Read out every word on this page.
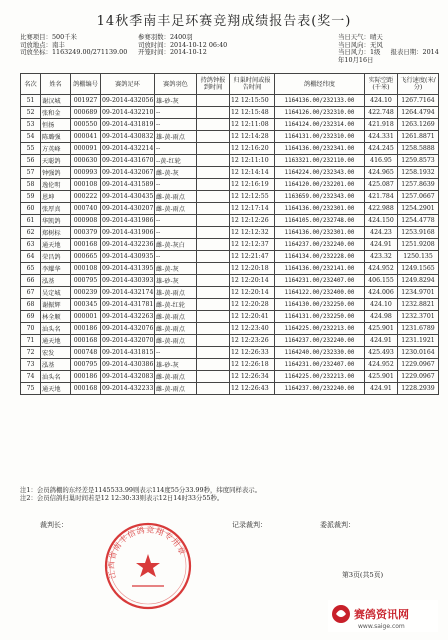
14秋季南丰足环赛竞翔成绩报告表(奖一)
比赛项目：500千米	参赛羽数：2400羽	当日天气：晴天
司放地点：南丰	司放时间：2014-10-12 06:40	当日风向：无风
司放坐标：1163249.00/271139.00	开笼时间：2014-10-12	当日风力：1级 报表日期：2014年10月16日
名次	姓名	鸽棚编号	赛鸽足环	赛鸽羽色	持鸽钟报到时间	归巢时间或报告时间	鸽棚经纬度	实际空距(千米)	飞行速度(米/分)
51	谢汉城	001927	09-2014-432056	雄-砂-灰		12 12:15:50	1164136.00/232133.00	424.10	1267.7164
52	张和金	000689	09-2014-432210	--		12 12:15:48	1164126.00/232310.00	422.748	1264.4794
53	恒扬	000550	09-2014-431819	--		12 12:11:08	1164124.00/232314.00	421.918	1263.1269
54	陈璐强	000041	09-2014-430832	雄-黄-雨点		12 12:14:28	1164131.00/232310.00	424.331	1261.8871
55	方英峰	000091	09-2014-432214	--		12 12:16:20	1164136.00/232341.00	424.245	1258.5888
56	天聪鸽	000630	09-2014-431670	--黄-红轮		12 12:11:10	1163321.00/232110.00	416.95	1259.8573
57	钟强鸽	000993	09-2014-432067	雌-黄-灰		12 12:14:14	1164224.00/232343.00	424.965	1258.1932
58	逸伦明	000108	09-2014-431589	--		12 12:16:19	1164120.00/232201.00	425.087	1257.8639
59	恩坤	000222	09-2014-430435	雌-黄-雨点		12 12:12:55	1163659.00/232343.00	421.784	1257.0667
60	张厚真	000740	09-2014-430207	雌-黄-雨点		12 12:17:14	1164136.00/232301.00	422.988	1254.2901
61	华凯鸽	000908	09-2014-431986	--		12 12:12:26	1164105.00/232748.00	424.150	1254.4778
62	郑树标	000379	09-2014-431906	--		12 12:12:32	1164136.00/232301.00	424.23	1253.9168
63	通天地	000168	09-2014-432236	雌-黄-灰白		12 12:12:37	1164237.00/232240.00	424.91	1251.9208
64	荣昌鸽	000665	09-2014-430935	--		12 12:21:47	1164134.00/232228.00	423.32	1250.135
65	李耀华	000108	09-2014-431395	雌-黄-灰		12 12:20:18	1164136.00/232141.00	424.952	1249.1565
66	泓基	000795	09-2014-430393	雄-砂-灰		12 12:20:14	1164231.00/232407.00	406.155	1249.8294
67	吴定城	000239	09-2014-432174	雄-黄-雨点		12 12:20:14	1164122.00/232400.00	424.006	1234.9701
68	谢振辉	000345	09-2014-431781	雌-黄-红轮		12 12:20:28	1164130.00/232250.00	424.10	1232.8821
69	林全顺	000001	09-2014-432263	雌-黄-雨点		12 12:20:41	1164131.00/232250.00	424.98	1232.3701
70	汕头名	000186	09-2014-432076	雌-黄-雨点		12 12:23:40	1164225.00/232213.00	425.901	1231.6789
71	通天地	000168	09-2014-432070	雌-黄-雨点		12 12:23:26	1164237.00/232240.00	424.91	1231.1921
72	宏发	000748	09-2014-431815	--		12 12:26:33	1164240.00/232330.00	425.493	1230.0164
73	泓基	000795	09-2014-430386	雄-砂-灰		12 12:26:18	1164231.00/232407.00	424.952	1229.0967
74	汕头名	000186	09-2014-432083	雌-黄-雨点		12 12:26:34	1164225.00/232213.00	425.901	1229.0967
75	通天地	000168	09-2014-432233	雌-黄-雨点		12 12:26:43	1164237.00/232240.00	424.91	1228.2939
注1：会员鸽棚的东经差是1145533.99则表示114度55分33.99秒，纬度同样表示。
注2：会员信鸽归巢时间若是12 12:30:33则表示12日14时33分55秒。
裁判长：	记录裁判：	委派裁判：
江西省南丰信鸽竞翔专用章
第3页(共5页)
赛鸽资讯网
www.saige.com
